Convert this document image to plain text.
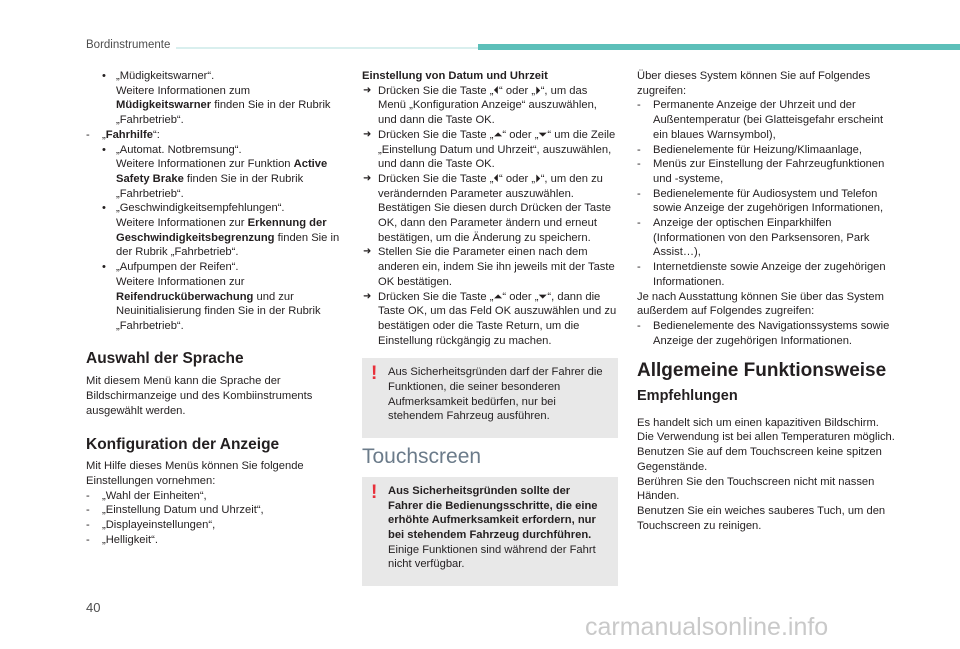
Bordinstrumente
• „Müdigkeitswarner“.
Weitere Informationen zum
Müdigkeitswarner finden Sie in der Rubrik
„Fahrbetrieb“.
- „Fahrhilfe“:
• „Automat. Notbremsung“.
Weitere Informationen zur Funktion Active Safety Brake finden Sie in der Rubrik
„Fahrbetrieb“.
• „Geschwindigkeitsempfehlungen“.
Weitere Informationen zur Erkennung der Geschwindigkeitsbegrenzung finden Sie in der Rubrik „Fahrbetrieb“.
• „Aufpumpen der Reifen“.
Weitere Informationen zur
Reifendrucküberwachung und zur Neuinitialisierung finden Sie in der Rubrik „Fahrbetrieb“.
Auswahl der Sprache

Mit diesem Menü kann die Sprache der Bildschirmanzeige und des Kombiinstruments ausgewählt werden.

Konfiguration der Anzeige

Mit Hilfe dieses Menüs können Sie folgende Einstellungen vornehmen:

- „Wahl der Einheiten“,
- „Einstellung Datum und Uhrzeit“,
- „Displayeinstellungen“,
- „Helligkeit“.
Einstellung von Datum und Uhrzeit
➜ Drücken Sie die Taste „⏴“ oder „⏵“, um das Menü „Konfiguration Anzeige“ auszuwählen, und dann die Taste OK.
➜ Drücken Sie die Taste „⏶“ oder „⏷“ um die Zeile „Einstellung Datum und Uhrzeit“, auszuwählen, und dann die Taste OK.
➜ Drücken Sie die Taste „⏴“ oder „⏵“, um den zu verändernden Parameter auszuwählen. Bestätigen Sie diesen durch Drücken der Taste OK, dann den Parameter ändern und erneut bestätigen, um die Änderung zu speichern.
➜ Stellen Sie die Parameter einen nach dem anderen ein, indem Sie ihn jeweils mit der Taste OK bestätigen.
➜ Drücken Sie die Taste „⏶“ oder „⏷“, dann die Taste OK, um das Feld OK auszuwählen und zu bestätigen oder die Taste Return, um die Einstellung rückgängig zu machen.
! Aus Sicherheitsgründen darf der Fahrer die Funktionen, die seiner besonderen Aufmerksamkeit bedürfen, nur bei stehendem Fahrzeug ausführen.
Touchscreen
! Aus Sicherheitsgründen sollte der Fahrer die Bedienungsschritte, die eine erhöhte Aufmerksamkeit erfordern, nur bei stehendem Fahrzeug durchführen.
Einige Funktionen sind während der Fahrt nicht verfügbar.

Über dieses System können Sie auf Folgendes zugreifen:

- Permanente Anzeige der Uhrzeit und der Außentemperatur (bei Glatteisgefahr erscheint ein blaues Warnsymbol),
- Bedienelemente für Heizung/Klimaanlage,
- Menüs zur Einstellung der Fahrzeugfunktionen und -systeme,
- Bedienelemente für Audiosystem und Telefon sowie Anzeige der zugehörigen Informationen,
- Anzeige der optischen Einparkhilfen (Informationen von den Parksensoren, Park Assist…),
- Internetdienste sowie Anzeige der zugehörigen Informationen.

Je nach Ausstattung können Sie über das System außerdem auf Folgendes zugreifen:

- Bedienelemente des Navigationssystems sowie Anzeige der zugehörigen Informationen.
Allgemeine Funktionsweise
Empfehlungen
Es handelt sich um einen kapazitiven Bildschirm.
Die Verwendung ist bei allen Temperaturen möglich.
Benutzen Sie auf dem Touchscreen keine spitzen Gegenstände.
Berühren Sie den Touchscreen nicht mit nassen Händen.
Benutzen Sie ein weiches sauberes Tuch, um den Touchscreen zu reinigen.
40
carmanualsonline.info
